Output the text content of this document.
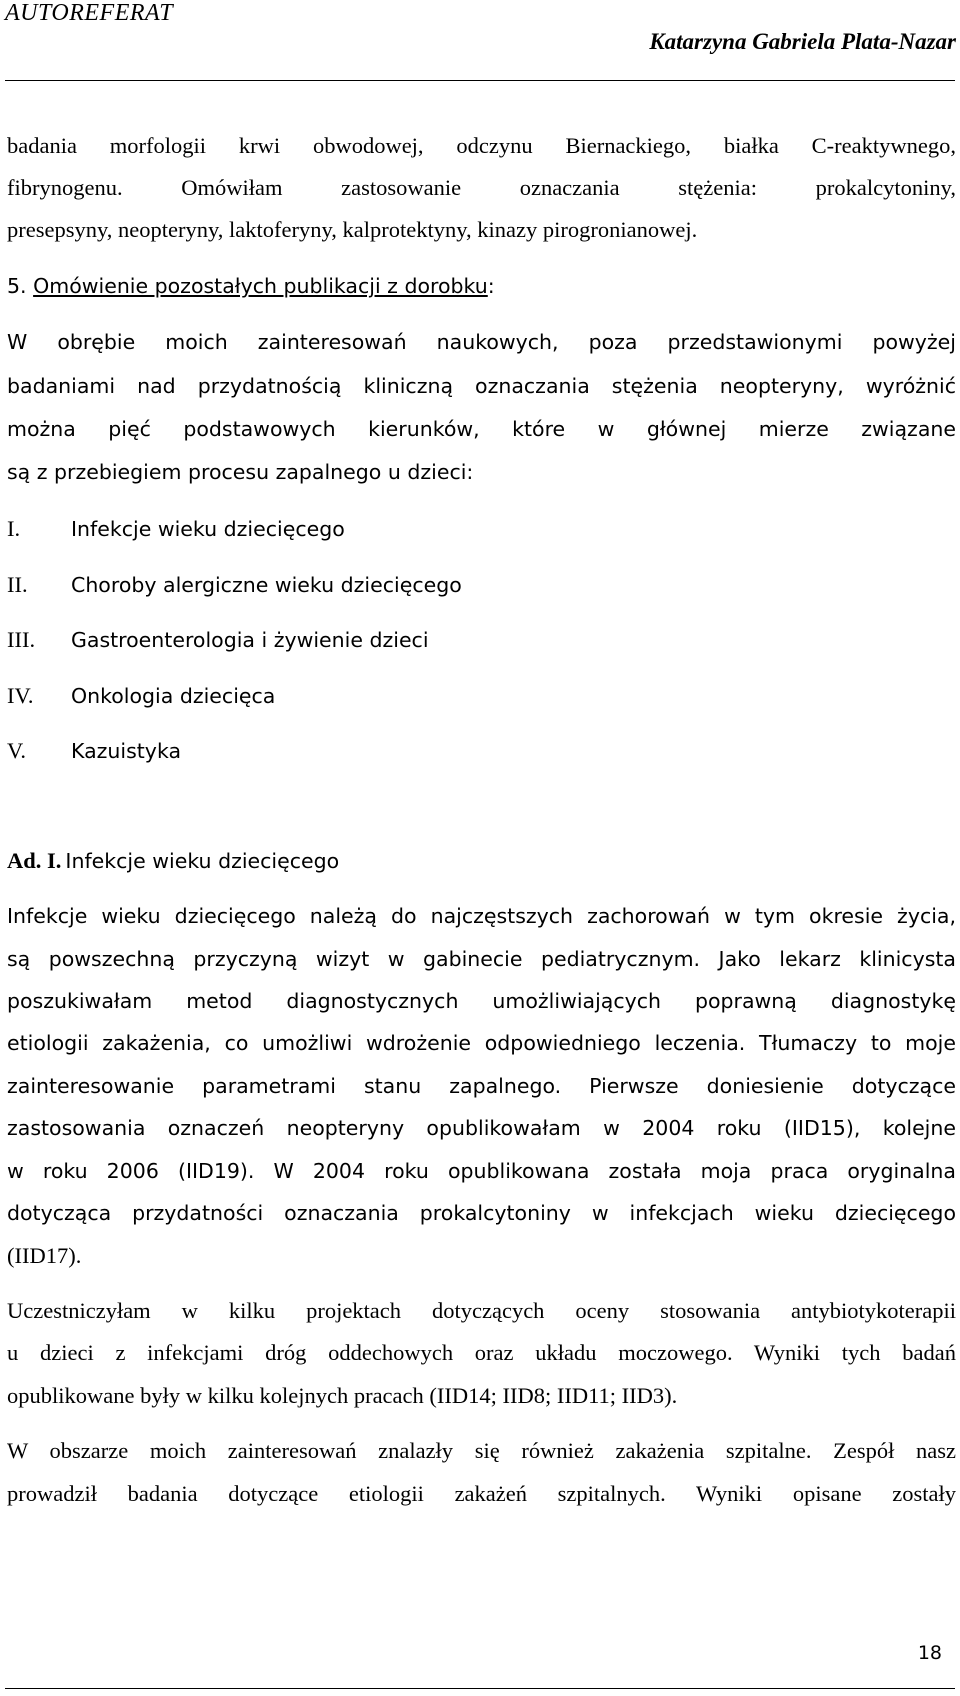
AUTOREFERAT
Katarzyna Gabriela Plata-Nazar
badania morfologii krwi obwodowej, odczynu Biernackiego, białka C-reaktywnego,
fibrynogenu. Omówiłam zastosowanie oznaczania stężenia: prokalcytoniny,
presepsyny, neopteryny, laktoferyny, kalprotektyny, kinazy pirogronianowej.
5. Omówienie pozostałych publikacji z dorobku:
W obrębie moich zainteresowań naukowych, poza przedstawionymi powyżej
badaniami nad przydatnością kliniczną oznaczania stężenia neopteryny, wyróżnić
można pięć podstawowych kierunków, które w głównej mierze związane
są z przebiegiem procesu zapalnego u dzieci:
I. Infekcje wieku dziecięcego
II. Choroby alergiczne wieku dziecięcego
III. Gastroenterologia i żywienie dzieci
IV. Onkologia dziecięca
V. Kazuistyka
Ad. I. Infekcje wieku dziecięcego
Infekcje wieku dziecięcego należą do najczęstszych zachorowań w tym okresie życia,
są powszechną przyczyną wizyt w gabinecie pediatrycznym. Jako lekarz klinicysta
poszukiwałam metod diagnostycznych umożliwiających poprawną diagnostykę
etiologii zakażenia, co umożliwi wdrożenie odpowiedniego leczenia. Tłumaczy to moje
zainteresowanie parametrami stanu zapalnego. Pierwsze doniesienie dotyczące
zastosowania oznaczeń neopteryny opublikowałam w 2004 roku (IID15), kolejne
w roku 2006 (IID19). W 2004 roku opublikowana została moja praca oryginalna
dotycząca przydatności oznaczania prokalcytoniny w infekcjach wieku dziecięcego
(IID17).
Uczestniczyłam w kilku projektach dotyczących oceny stosowania antybiotykoterapii
u dzieci z infekcjami dróg oddechowych oraz układu moczowego. Wyniki tych badań
opublikowane były w kilku kolejnych pracach (IID14; IID8; IID11; IID3).
W obszarze moich zainteresowań znalazły się również zakażenia szpitalne. Zespół nasz
prowadził badania dotyczące etiologii zakażeń szpitalnych. Wyniki opisane zostały
18
